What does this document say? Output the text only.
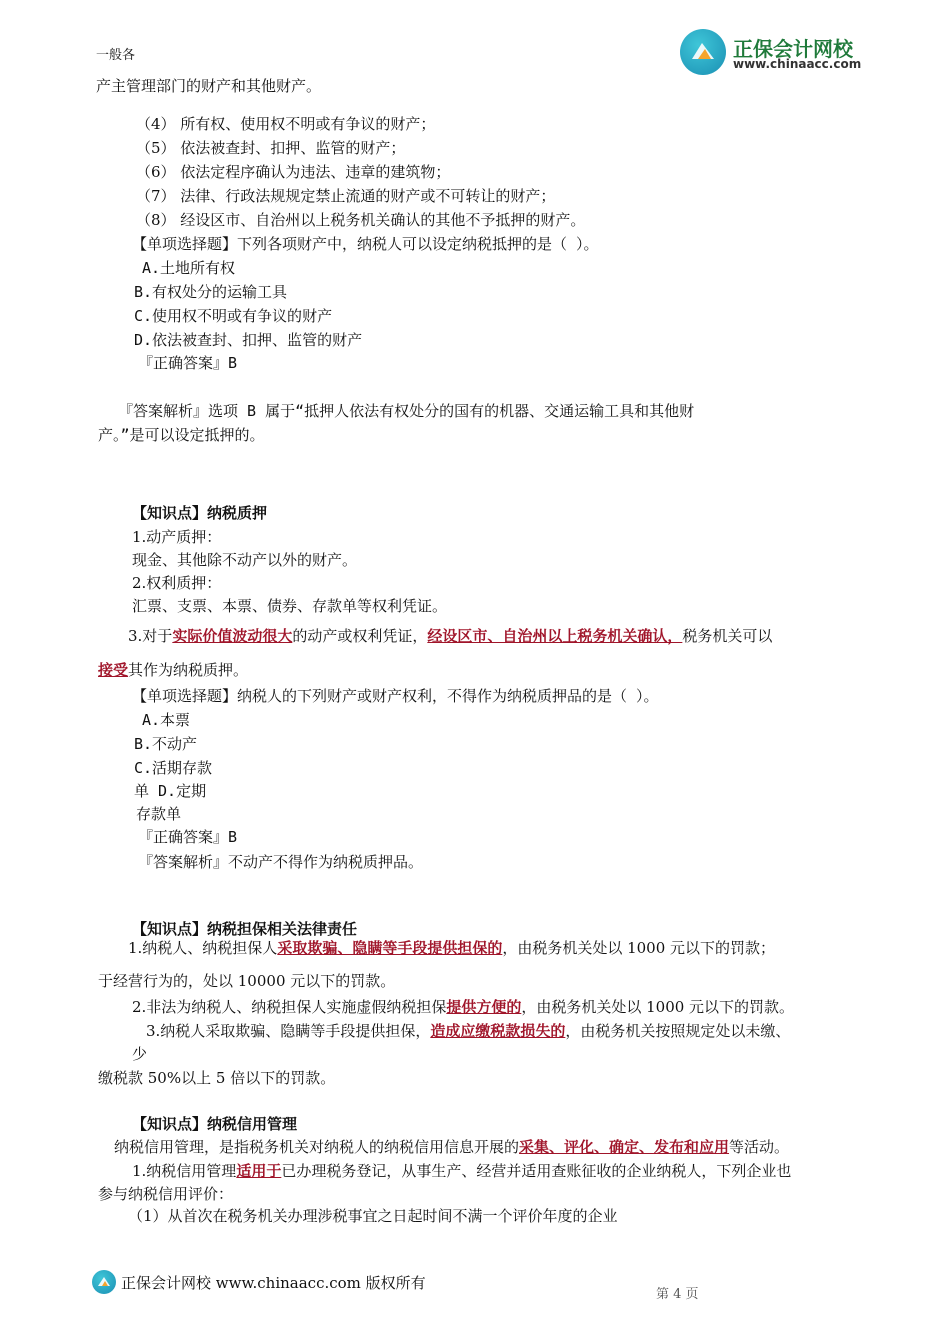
正保会计网校
www.chinaacc.com
一般各
产主管理部门的财产和其他财产。
（4） 所有权、使用权不明或有争议的财产；
（5） 依法被查封、扣押、监管的财产；
（6） 依法定程序确认为违法、违章的建筑物；
（7） 法律、行政法规规定禁止流通的财产或不可转让的财产；
（8） 经设区市、自治州以上税务机关确认的其他不予抵押的财产。
【单项选择题】下列各项财产中，纳税人可以设定纳税抵押的是（ ）。
A.土地所有权
B.有权处分的运输工具
C.使用权不明或有争议的财产
D.依法被查封、扣押、监管的财产
『正确答案』B
『答案解析』选项 B 属于“抵押人依法有权处分的国有的机器、交通运输工具和其他财
产。”是可以设定抵押的。
【知识点】纳税质押
1.动产质押：
现金、其他除不动产以外的财产。
2.权利质押：
汇票、支票、本票、债券、存款单等权利凭证。
3.对于实际价值波动很大的动产或权利凭证，经设区市、自治州以上税务机关确认，税务机关可以
接受其作为纳税质押。
【单项选择题】纳税人的下列财产或财产权利，不得作为纳税质押品的是（ ）。
A.本票
B.不动产
C.活期存款
单 D.定期
存款单
『正确答案』B
『答案解析』不动产不得作为纳税质押品。
【知识点】纳税担保相关法律责任
1.纳税人、纳税担保人采取欺骗、隐瞒等手段提供担保的，由税务机关处以 1000 元以下的罚款；
于经营行为的，处以 10000 元以下的罚款。
2.非法为纳税人、纳税担保人实施虚假纳税担保提供方便的，由税务机关处以 1000 元以下的罚款。
3.纳税人采取欺骗、隐瞒等手段提供担保，造成应缴税款损失的，由税务机关按照规定处以未缴、
少
缴税款 50%以上 5 倍以下的罚款。
【知识点】纳税信用管理
纳税信用管理，是指税务机关对纳税人的纳税信用信息开展的采集、评化、确定、发布和应用等活动。
1.纳税信用管理适用于已办理税务登记，从事生产、经营并适用查账征收的企业纳税人，下列企业也
参与纳税信用评价：
（1）从首次在税务机关办理涉税事宜之日起时间不满一个评价年度的企业
正保会计网校 www.chinaacc.com 版权所有
第 4 页
